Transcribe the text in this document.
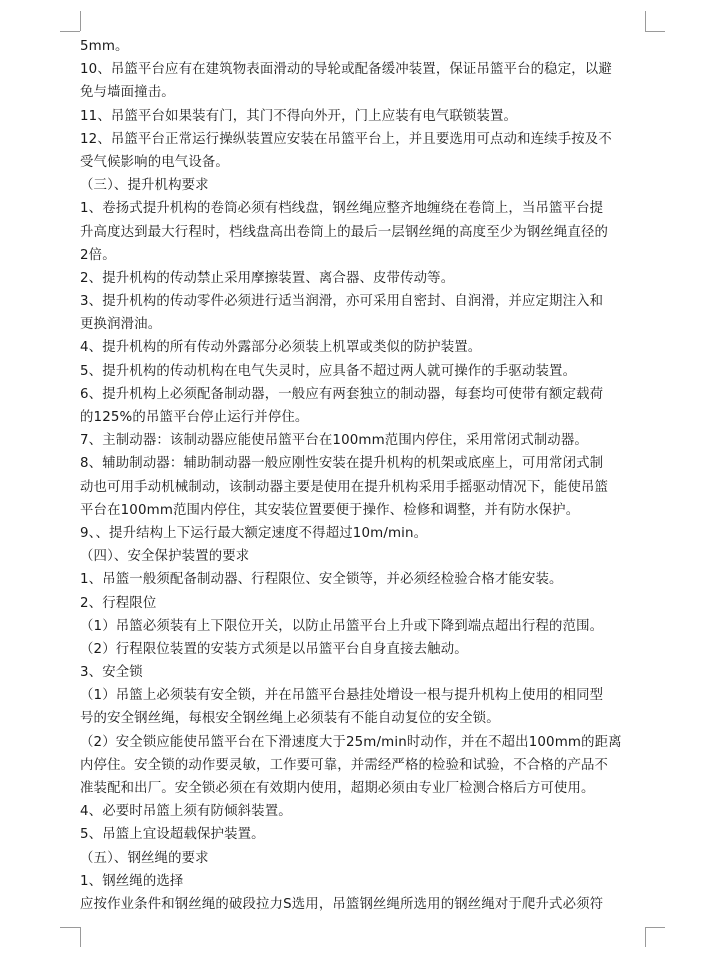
5mm。
10、吊篮平台应有在建筑物表面滑动的导轮或配备缓冲装置，保证吊篮平台的稳定，以避
免与墙面撞击。
11、吊篮平台如果装有门，其门不得向外开，门上应装有电气联锁装置。
12、吊篮平台正常运行操纵装置应安装在吊篮平台上，并且要选用可点动和连续手按及不
受气候影响的电气设备。
（三）、提升机构要求
1、卷扬式提升机构的卷筒必须有档线盘，钢丝绳应整齐地缠绕在卷筒上，当吊篮平台提
升高度达到最大行程时，档线盘高出卷筒上的最后一层钢丝绳的高度至少为钢丝绳直径的
2倍。
2、提升机构的传动禁止采用摩擦装置、离合器、皮带传动等。
3、提升机构的传动零件必须进行适当润滑，亦可采用自密封、自润滑，并应定期注入和
更换润滑油。
4、提升机构的所有传动外露部分必须装上机罩或类似的防护装置。
5、提升机构的传动机构在电气失灵时，应具备不超过两人就可操作的手驱动装置。
6、提升机构上必须配备制动器，一般应有两套独立的制动器，每套均可使带有额定载荷
的125%的吊篮平台停止运行并停住。
7、主制动器：该制动器应能使吊篮平台在100mm范围内停住，采用常闭式制动器。
8、辅助制动器：辅助制动器一般应刚性安装在提升机构的机架或底座上，可用常闭式制
动也可用手动机械制动，该制动器主要是使用在提升机构采用手摇驱动情况下，能使吊篮
平台在100mm范围内停住，其安装位置要便于操作、检修和调整，并有防水保护。
9、、提升结构上下运行最大额定速度不得超过10m/min。
（四）、安全保护装置的要求
1、吊篮一般须配备制动器、行程限位、安全锁等，并必须经检验合格才能安装。
2、行程限位
（1）吊篮必须装有上下限位开关，以防止吊篮平台上升或下降到端点超出行程的范围。
（2）行程限位装置的安装方式须是以吊篮平台自身直接去触动。
3、安全锁
（1）吊篮上必须装有安全锁，并在吊篮平台悬挂处增设一根与提升机构上使用的相同型
号的安全钢丝绳，每根安全钢丝绳上必须装有不能自动复位的安全锁。
（2）安全锁应能使吊篮平台在下滑速度大于25m/min时动作，并在不超出100mm的距离
内停住。安全锁的动作要灵敏，工作要可靠，并需经严格的检验和试验，不合格的产品不
准装配和出厂。安全锁必须在有效期内使用，超期必须由专业厂检测合格后方可使用。
4、必要时吊篮上须有防倾斜装置。
5、吊篮上宜设超载保护装置。
（五）、钢丝绳的要求
1、钢丝绳的选择
应按作业条件和钢丝绳的破段拉力S选用，吊篮钢丝绳所选用的钢丝绳对于爬升式必须符
